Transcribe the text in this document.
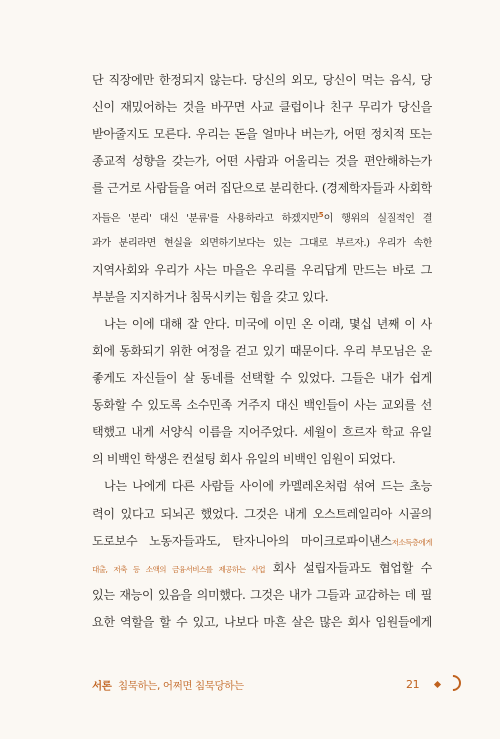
단 직장에만 한정되지 않는다. 당신의 외모, 당신이 먹는 음식, 당
신이 재밌어하는 것을 바꾸면 사교 클럽이나 친구 무리가 당신을
받아줄지도 모른다. 우리는 돈을 얼마나 버는가, 어떤 정치적 또는
종교적 성향을 갖는가, 어떤 사람과 어울리는 것을 편안해하는가
를 근거로 사람들을 여러 집단으로 분리한다. (경제학자들과 사회학
자들은 '분리' 대신 '분류'를 사용하라고 하겠지만$^5$이 행위의 실질적인 결
과가 분리라면 현실을 외면하기보다는 있는 그대로 부르자.) 우리가 속한
지역사회와 우리가 사는 마을은 우리를 우리답게 만드는 바로 그
부분을 지지하거나 침묵시키는 힘을 갖고 있다.
나는 이에 대해 잘 안다. 미국에 이민 온 이래, 몇십 년째 이 사
회에 동화되기 위한 여정을 걷고 있기 때문이다. 우리 부모님은 운
좋게도 자신들이 살 동네를 선택할 수 있었다. 그들은 내가 쉽게
동화할 수 있도록 소수민족 거주지 대신 백인들이 사는 교외를 선
택했고 내게 서양식 이름을 지어주었다. 세월이 흐르자 학교 유일
의 비백인 학생은 컨설팅 회사 유일의 비백인 임원이 되었다.
나는 나에게 다른 사람들 사이에 카멜레온처럼 섞여 드는 초능
력이 있다고 되뇌곤 했었다. 그것은 내게 오스트레일리아 시골의
도로보수 노동자들과도, 탄자니아의 마이크로파이낸스저소득층에게
대출, 저축 등 소액의 금융서비스를 제공하는 사업 회사 설립자들과도 협업할 수
있는 재능이 있음을 의미했다. 그것은 내가 그들과 교감하는 데 필
요한 역할을 할 수 있고, 나보다 마흔 살은 많은 회사 임원들에게
서론 침묵하는, 어쩌면 침묵당하는	21
